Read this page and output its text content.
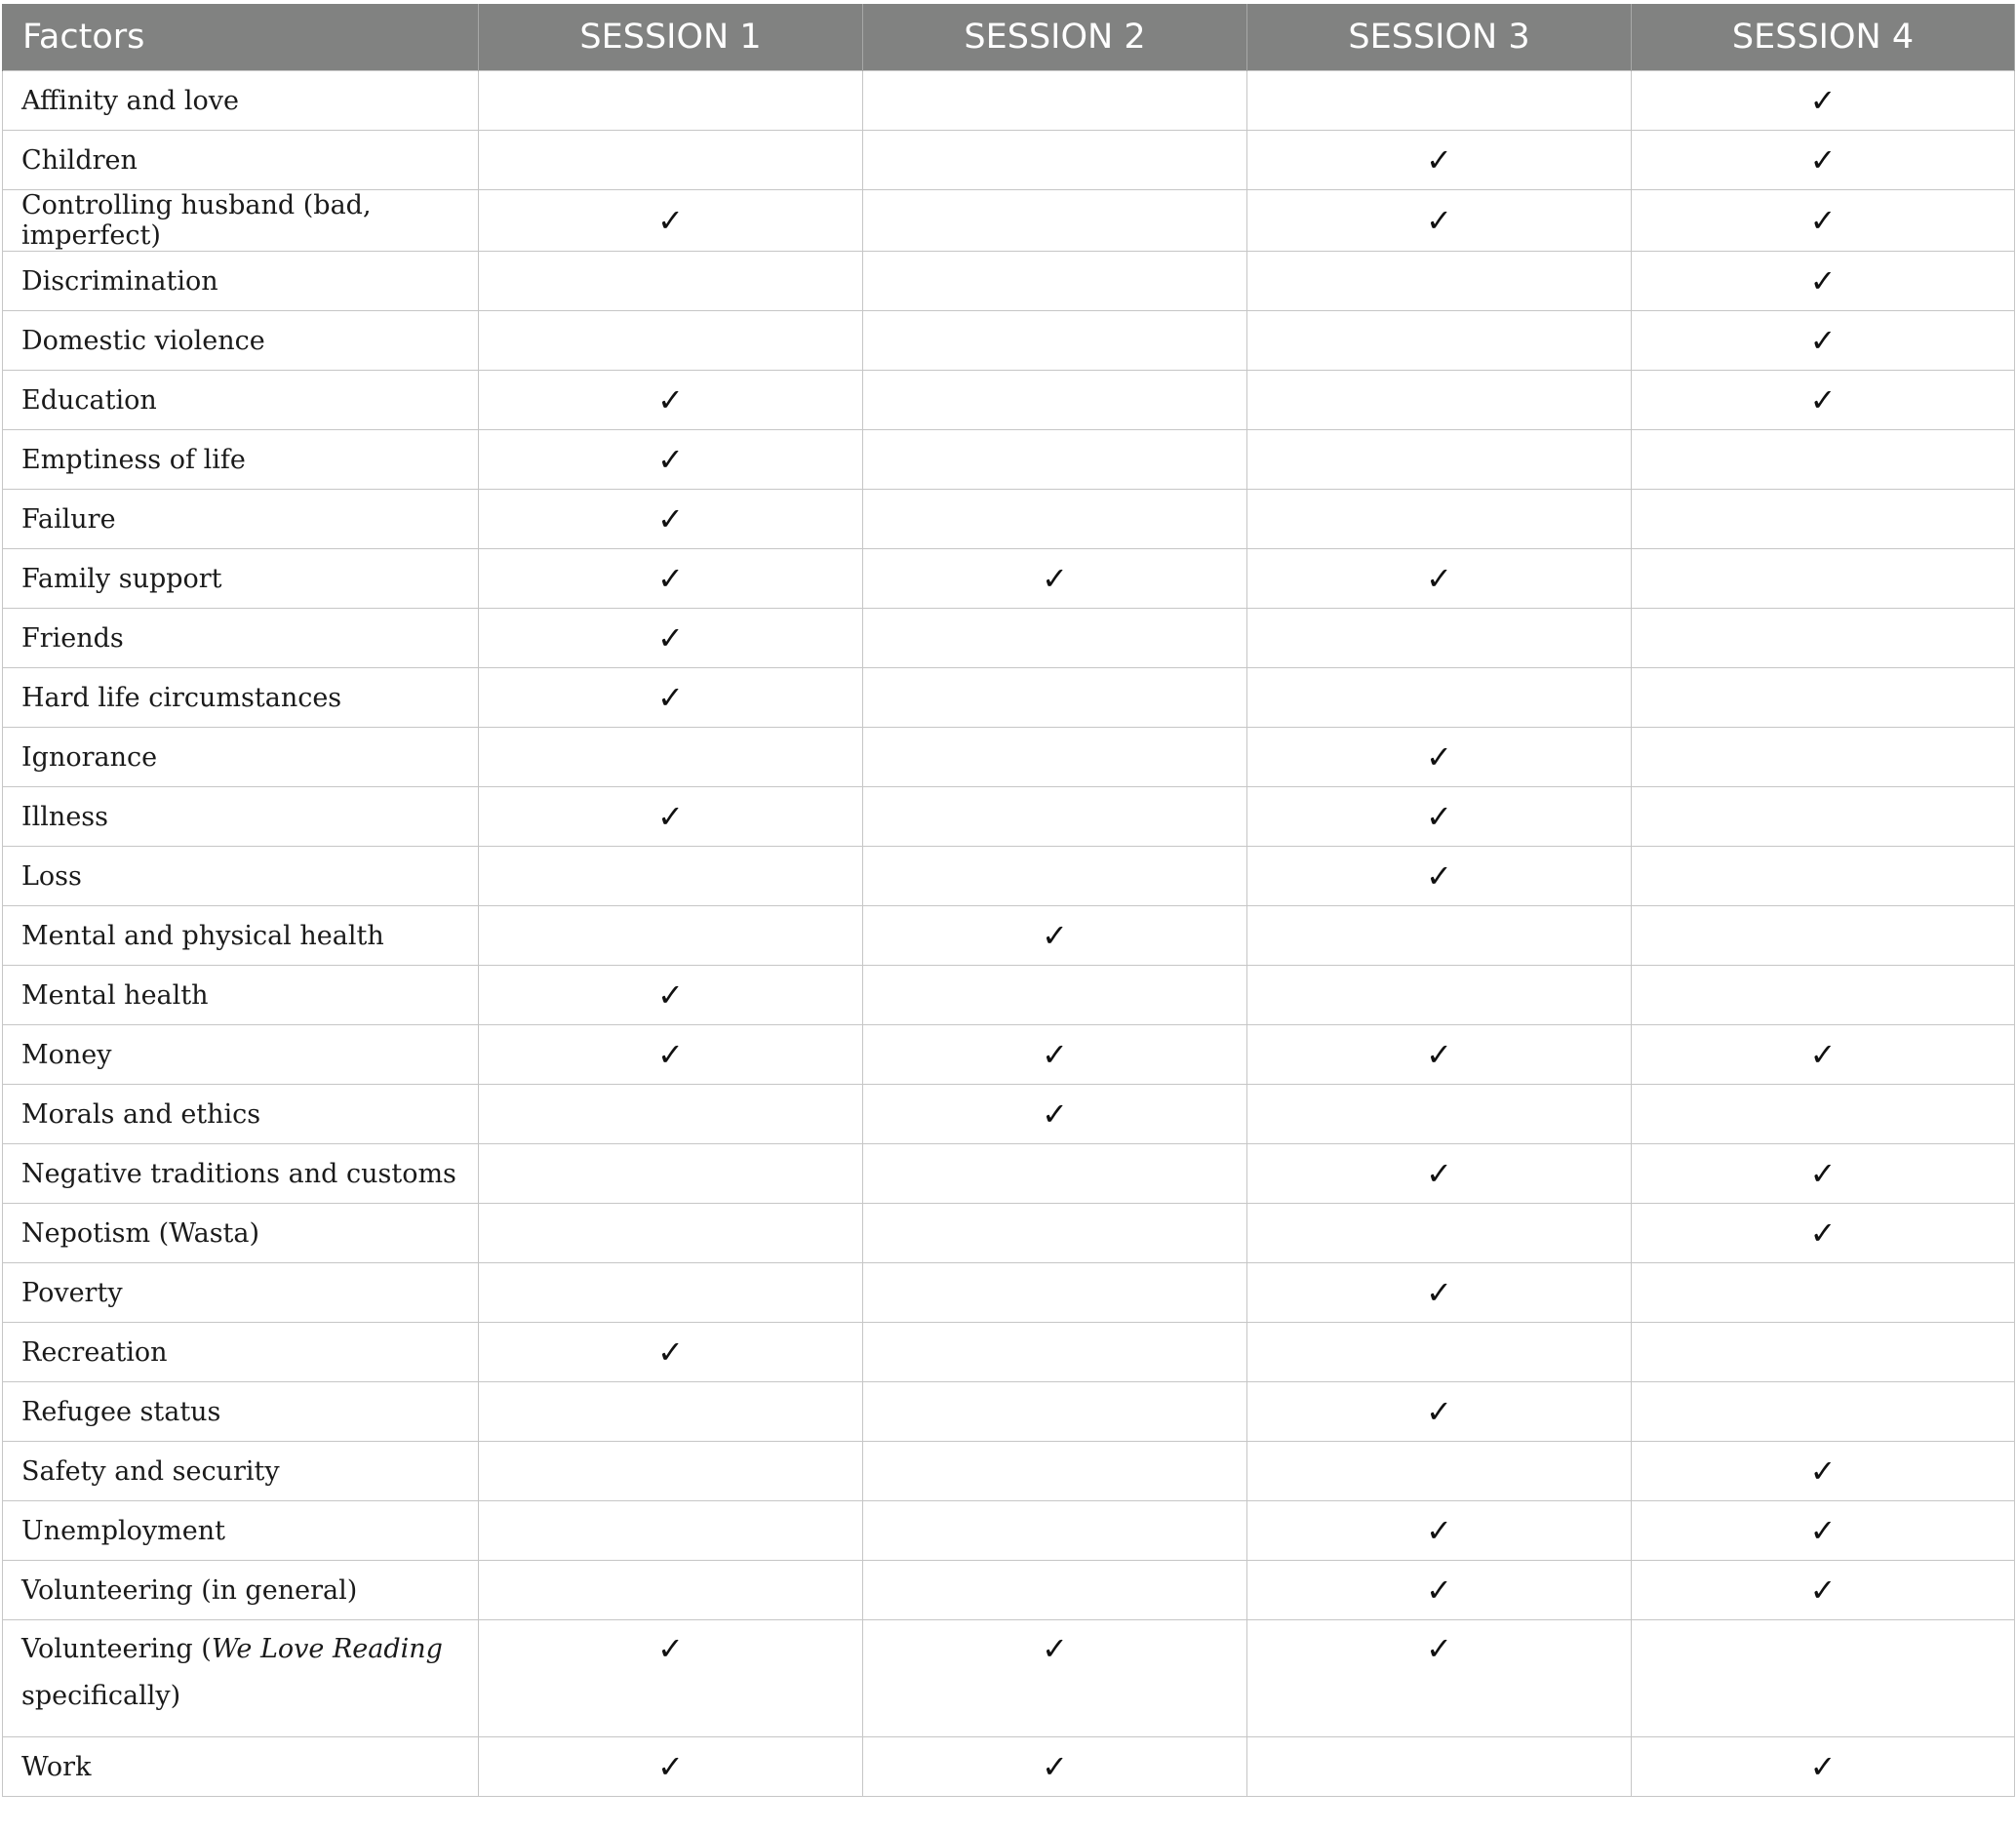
Factors	SESSION 1	SESSION 2	SESSION 3	SESSION 4
Affinity and love				✓
Children			✓	✓
Controlling husband (bad, imperfect)	✓		✓	✓
Discrimination				✓
Domestic violence				✓
Education	✓			✓
Emptiness of life	✓			
Failure	✓			
Family support	✓	✓	✓	
Friends	✓			
Hard life circumstances	✓			
Ignorance			✓	
Illness	✓		✓	
Loss			✓	
Mental and physical health		✓		
Mental health	✓			
Money	✓	✓	✓	✓
Morals and ethics		✓		
Negative traditions and customs			✓	✓
Nepotism (Wasta)				✓
Poverty			✓	
Recreation	✓			
Refugee status			✓	
Safety and security				✓
Unemployment			✓	✓
Volunteering (in general)			✓	✓
Volunteering (We Love Reading specifically)	✓	✓	✓	
Work	✓	✓		✓
